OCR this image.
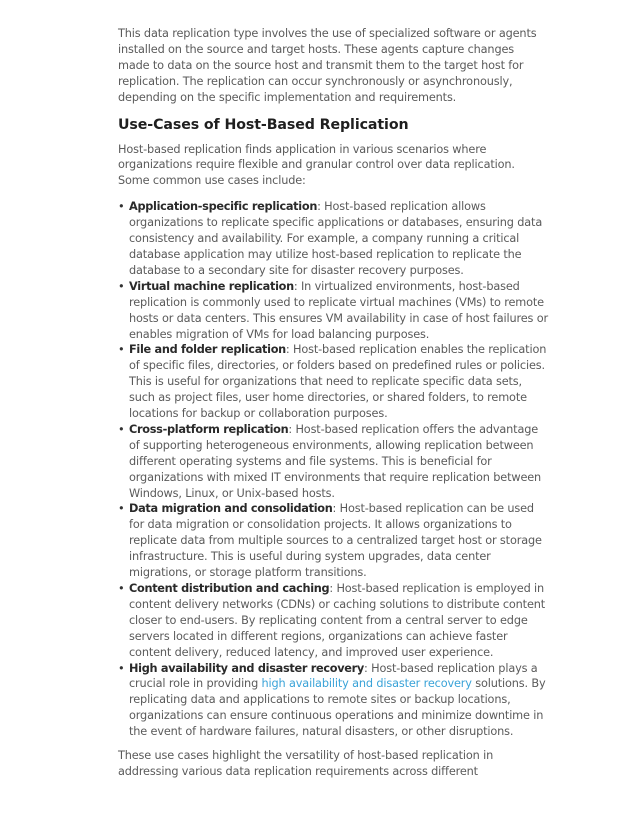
This data replication type involves the use of specialized software or agents installed on the source and target hosts. These agents capture changes made to data on the source host and transmit them to the target host for replication. The replication can occur synchronously or asynchronously, depending on the specific implementation and requirements.

Use-Cases of Host-Based Replication

Host-based replication finds application in various scenarios where organizations require flexible and granular control over data replication. Some common use cases include:

• Application-specific replication: Host-based replication allows organizations to replicate specific applications or databases, ensuring data consistency and availability. For example, a company running a critical database application may utilize host-based replication to replicate the database to a secondary site for disaster recovery purposes.
• Virtual machine replication: In virtualized environments, host-based replication is commonly used to replicate virtual machines (VMs) to remote hosts or data centers. This ensures VM availability in case of host failures or enables migration of VMs for load balancing purposes.
• File and folder replication: Host-based replication enables the replication of specific files, directories, or folders based on predefined rules or policies. This is useful for organizations that need to replicate specific data sets, such as project files, user home directories, or shared folders, to remote locations for backup or collaboration purposes.
• Cross-platform replication: Host-based replication offers the advantage of supporting heterogeneous environments, allowing replication between different operating systems and file systems. This is beneficial for organizations with mixed IT environments that require replication between Windows, Linux, or Unix-based hosts.
• Data migration and consolidation: Host-based replication can be used for data migration or consolidation projects. It allows organizations to replicate data from multiple sources to a centralized target host or storage infrastructure. This is useful during system upgrades, data center migrations, or storage platform transitions.
• Content distribution and caching: Host-based replication is employed in content delivery networks (CDNs) or caching solutions to distribute content closer to end-users. By replicating content from a central server to edge servers located in different regions, organizations can achieve faster content delivery, reduced latency, and improved user experience.
• High availability and disaster recovery: Host-based replication plays a crucial role in providing high availability and disaster recovery solutions. By replicating data and applications to remote sites or backup locations, organizations can ensure continuous operations and minimize downtime in the event of hardware failures, natural disasters, or other disruptions.

These use cases highlight the versatility of host-based replication in addressing various data replication requirements across different
